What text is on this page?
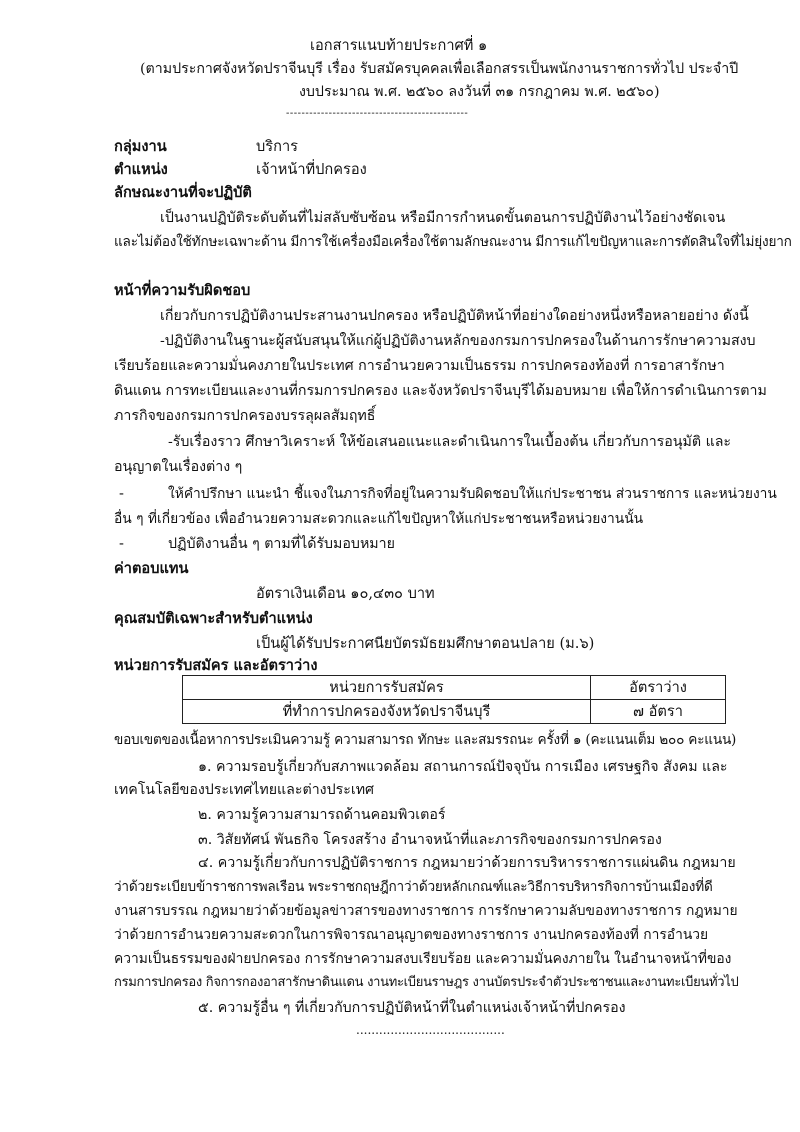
เอกสารแนบท้ายประกาศที่ ๑
(ตามประกาศจังหวัดปราจีนบุรี เรื่อง รับสมัครบุคคลเพื่อเลือกสรรเป็นพนักงานราชการทั่วไป ประจำปี
งบประมาณ พ.ศ. ๒๕๖๐ ลงวันที่ ๓๑ กรกฎาคม พ.ศ. ๒๕๖๐)
-----------------------------------------------
กลุ่มงาน	บริการ
ตำแหน่ง	เจ้าหน้าที่ปกครอง
ลักษณะงานที่จะปฏิบัติ
เป็นงานปฏิบัติระดับต้นที่ไม่สลับซับซ้อน หรือมีการกำหนดขั้นตอนการปฏิบัติงานไว้อย่างชัดเจน
และไม่ต้องใช้ทักษะเฉพาะด้าน มีการใช้เครื่องมือเครื่องใช้ตามลักษณะงาน มีการแก้ไขปัญหาและการตัดสินใจที่ไม่ยุ่งยาก
หน้าที่ความรับผิดชอบ
เกี่ยวกับการปฏิบัติงานประสานงานปกครอง หรือปฏิบัติหน้าที่อย่างใดอย่างหนึ่งหรือหลายอย่าง ดังนี้
-ปฏิบัติงานในฐานะผู้สนับสนุนให้แก่ผู้ปฏิบัติงานหลักของกรมการปกครองในด้านการรักษาความสงบ
เรียบร้อยและความมั่นคงภายในประเทศ การอำนวยความเป็นธรรม การปกครองท้องที่ การอาสารักษา
ดินแดน การทะเบียนและงานที่กรมการปกครอง และจังหวัดปราจีนบุรีได้มอบหมาย เพื่อให้การดำเนินการตาม
ภารกิจของกรมการปกครองบรรลุผลสัมฤทธิ์
-รับเรื่องราว ศึกษาวิเคราะห์ ให้ข้อเสนอแนะและดำเนินการในเบื้องต้น เกี่ยวกับการอนุมัติ และ
อนุญาตในเรื่องต่าง ๆ
-	ให้คำปรึกษา แนะนำ ชี้แจงในภารกิจที่อยู่ในความรับผิดชอบให้แก่ประชาชน ส่วนราชการ และหน่วยงาน
อื่น ๆ ที่เกี่ยวข้อง เพื่ออำนวยความสะดวกและแก้ไขปัญหาให้แก่ประชาชนหรือหน่วยงานนั้น
-	ปฏิบัติงานอื่น ๆ ตามที่ได้รับมอบหมาย
ค่าตอบแทน
อัตราเงินเดือน ๑๐,๔๓๐ บาท
คุณสมบัติเฉพาะสำหรับตำแหน่ง
เป็นผู้ได้รับประกาศนียบัตรมัธยมศึกษาตอนปลาย (ม.๖)
หน่วยการรับสมัคร และอัตราว่าง
หน่วยการรับสมัคร	อัตราว่าง
ที่ทำการปกครองจังหวัดปราจีนบุรี	๗ อัตรา
ขอบเขตของเนื้อหาการประเมินความรู้ ความสามารถ ทักษะ และสมรรถนะ ครั้งที่ ๑ (คะแนนเต็ม ๒๐๐ คะแนน)
๑. ความรอบรู้เกี่ยวกับสภาพแวดล้อม สถานการณ์ปัจจุบัน การเมือง เศรษฐกิจ สังคม และ
เทคโนโลยีของประเทศไทยและต่างประเทศ
๒. ความรู้ความสามารถด้านคอมพิวเตอร์
๓. วิสัยทัศน์ พันธกิจ โครงสร้าง อำนาจหน้าที่และภารกิจของกรมการปกครอง
๔. ความรู้เกี่ยวกับการปฏิบัติราชการ กฎหมายว่าด้วยการบริหารราชการแผ่นดิน กฎหมาย
ว่าด้วยระเบียบข้าราชการพลเรือน พระราชกฤษฎีกาว่าด้วยหลักเกณฑ์และวิธีการบริหารกิจการบ้านเมืองที่ดี
งานสารบรรณ กฎหมายว่าด้วยข้อมูลข่าวสารของทางราชการ การรักษาความลับของทางราชการ กฎหมาย
ว่าด้วยการอำนวยความสะดวกในการพิจารณาอนุญาตของทางราชการ งานปกครองท้องที่ การอำนวย
ความเป็นธรรมของฝ่ายปกครอง การรักษาความสงบเรียบร้อย และความมั่นคงภายใน ในอำนาจหน้าที่ของ
กรมการปกครอง กิจการกองอาสารักษาดินแดน งานทะเบียนราษฎร งานบัตรประจำตัวประชาชนและงานทะเบียนทั่วไป
๕. ความรู้อื่น ๆ ที่เกี่ยวกับการปฏิบัติหน้าที่ในตำแหน่งเจ้าหน้าที่ปกครอง
.......................................
